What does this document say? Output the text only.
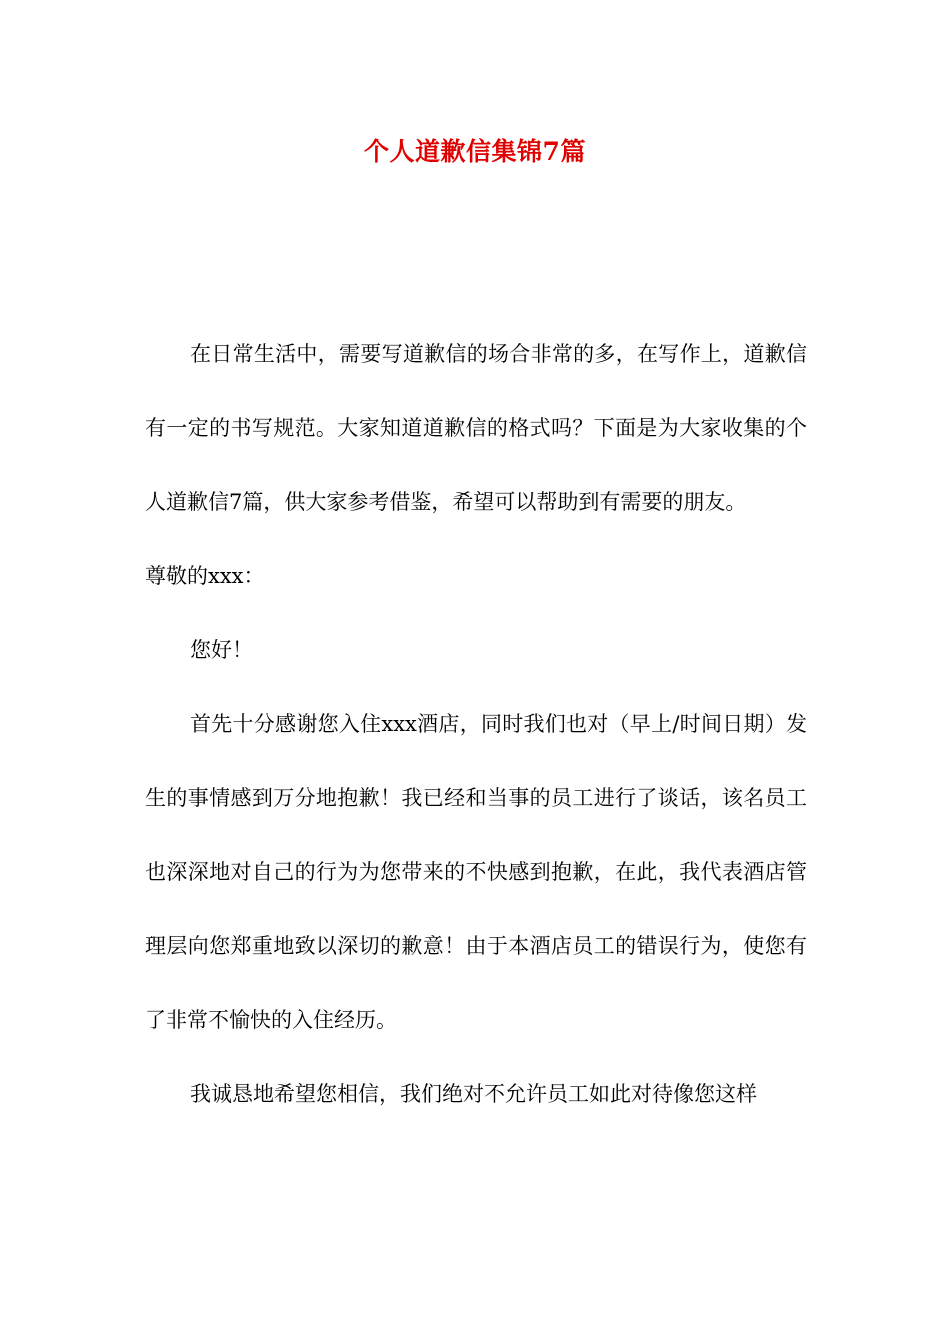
个人道歉信集锦7篇

在日常生活中，需要写道歉信的场合非常的多，在写作上，道歉信有一定的书写规范。大家知道道歉信的格式吗？下面是为大家收集的个人道歉信7篇，供大家参考借鉴，希望可以帮助到有需要的朋友。

尊敬的xxx：

您好！

首先十分感谢您入住xxx酒店，同时我们也对（早上/时间日期）发生的事情感到万分地抱歉！我已经和当事的员工进行了谈话，该名员工也深深地对自己的行为为您带来的不快感到抱歉，在此，我代表酒店管理层向您郑重地致以深切的歉意！由于本酒店员工的错误行为，使您有了非常不愉快的入住经历。

我诚恳地希望您相信，我们绝对不允许员工如此对待像您这样
